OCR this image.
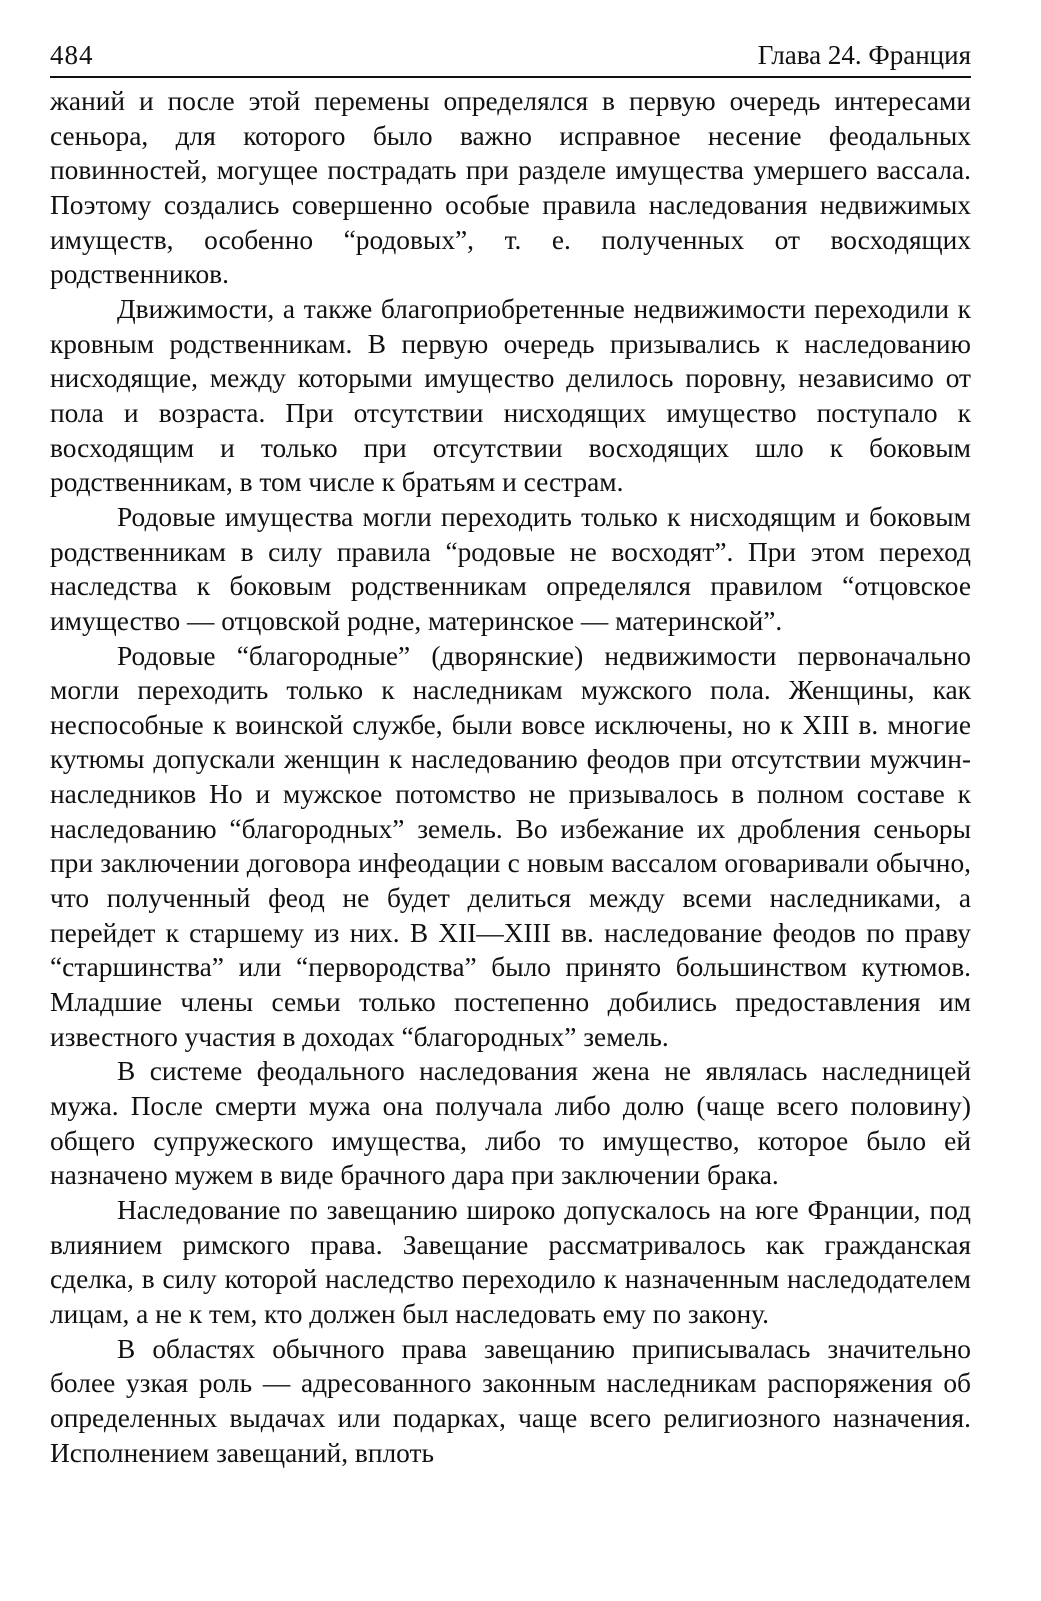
484	Глава 24. Франция

жаний и после этой перемены определялся в первую очередь интересами сеньора, для которого было важно исправное несение феодальных повинностей, могущее пострадать при разделе имущества умершего вассала. Поэтому создались совершенно особые правила наследования недвижимых имуществ, особенно “родовых”, т. е. полученных от восходящих родственников.

Движимости, а также благоприобретенные недвижимости переходили к кровным родственникам. В первую очередь призывались к наследованию нисходящие, между которыми имущество делилось поровну, независимо от пола и возраста. При отсутствии нисходящих имущество поступало к восходящим и только при отсутствии восходящих шло к боковым родственникам, в том числе к братьям и сестрам.

Родовые имущества могли переходить только к нисходящим и боковым родственникам в силу правила “родовые не восходят”. При этом переход наследства к боковым родственникам определялся правилом “отцовское имущество — отцовской родне, материнское — материнской”.

Родовые “благородные” (дворянские) недвижимости первоначально могли переходить только к наследникам мужского пола. Женщины, как неспособные к воинской службе, были вовсе исключены, но к XIII в. многие кутюмы допускали женщин к наследованию феодов при отсутствии мужчин-наследников Но и мужское потомство не призывалось в полном составе к наследованию “благородных” земель. Во избежание их дробления сеньоры при заключении договора инфеодации с новым вассалом оговаривали обычно, что полученный феод не будет делиться между всеми наследниками, а перейдет к старшему из них. В XII—XIII вв. наследование феодов по праву “старшинства” или “первородства” было принято большинством кутюмов. Младшие члены семьи только постепенно добились предоставления им известного участия в доходах “благородных” земель.

В системе феодального наследования жена не являлась наследницей мужа. После смерти мужа она получала либо долю (чаще всего половину) общего супружеского имущества, либо то имущество, которое было ей назначено мужем в виде брачного дара при заключении брака.

Наследование по завещанию широко допускалось на юге Франции, под влиянием римского права. Завещание рассматривалось как гражданская сделка, в силу которой наследство переходило к назначенным наследодателем лицам, а не к тем, кто должен был наследовать ему по закону.

В областях обычного права завещанию приписывалась значительно более узкая роль — адресованного законным наследникам распоряжения об определенных выдачах или подарках, чаще всего религиозного назначения. Исполнением завещаний, вплоть
